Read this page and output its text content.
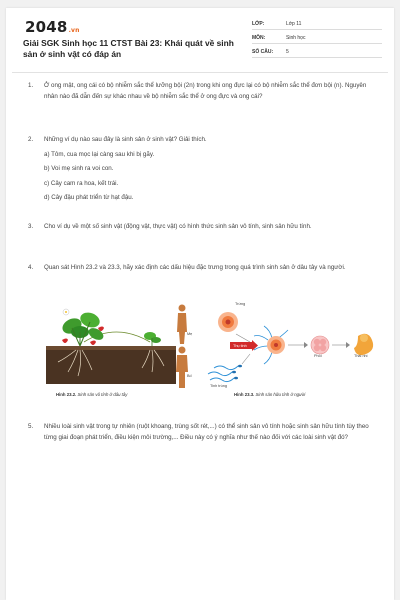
2048.vn
Giải SGK Sinh học 11 CTST Bài 23: Khái quát về sinh sản ở sinh vật có đáp án
LỚP:	Lớp 11
MÔN:	Sinh học
SỐ CÂU:	5
1. Ở ong mật, ong cái có bộ nhiễm sắc thể lưỡng bội (2n) trong khi ong đực lại có bộ nhiễm sắc thể đơn bội (n). Nguyên nhân nào đã dẫn đến sự khác nhau về bộ nhiễm sắc thể ở ong đực và ong cái?
2. Những ví dụ nào sau đây là sinh sản ở sinh vật? Giải thích.
a) Tôm, cua mọc lại càng sau khi bị gãy.
b) Voi mẹ sinh ra voi con.
c) Cây cam ra hoa, kết trái.
d) Cây đậu phát triển từ hạt đậu.
3. Cho ví dụ về một số sinh vật (động vật, thực vật) có hình thức sinh sản vô tính, sinh sản hữu tính.
4. Quan sát Hình 23.2 và 23.3, hãy xác định các dấu hiệu đặc trưng trong quá trình sinh sản ở dâu tây và người.
Trứng
Mẹ
Thụ tinh
Bố
Tinh trùng
Phôi	Thai nhi
Hình 23.2. Sinh sản vô tính ở dâu tây	Hình 23.3. Sinh sản hữu tính ở người
5. Nhiều loài sinh vật trong tự nhiên (ruột khoang, trùng sốt rét,...) có thể sinh sản vô tính hoặc sinh sản hữu tính tùy theo từng giai đoạn phát triển, điều kiện môi trường,... Điều này có ý nghĩa như thế nào đối với các loài sinh vật đó?
